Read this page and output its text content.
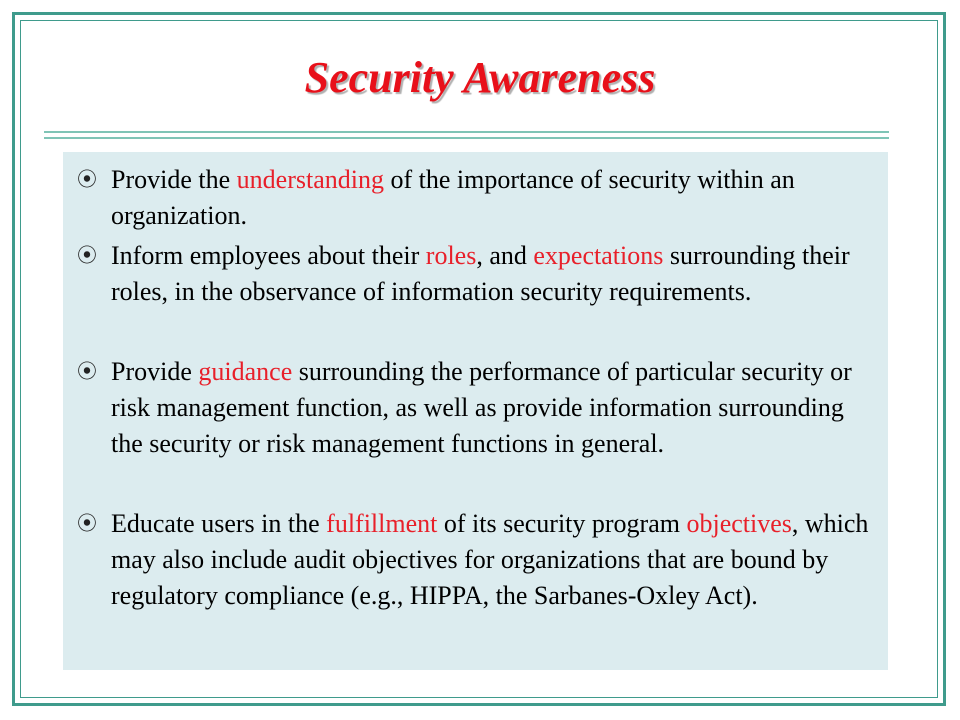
Security Awareness
⦿ Provide the understanding of the importance of security within an organization.
⦿ Inform employees about their roles, and expectations surrounding their roles, in the observance of information security requirements.
⦿ Provide guidance surrounding the performance of particular security or risk management function, as well as provide information surrounding the security or risk management functions in general.
⦿ Educate users in the fulfillment of its security program objectives, which may also include audit objectives for organizations that are bound by regulatory compliance (e.g., HIPPA, the Sarbanes-Oxley Act).
